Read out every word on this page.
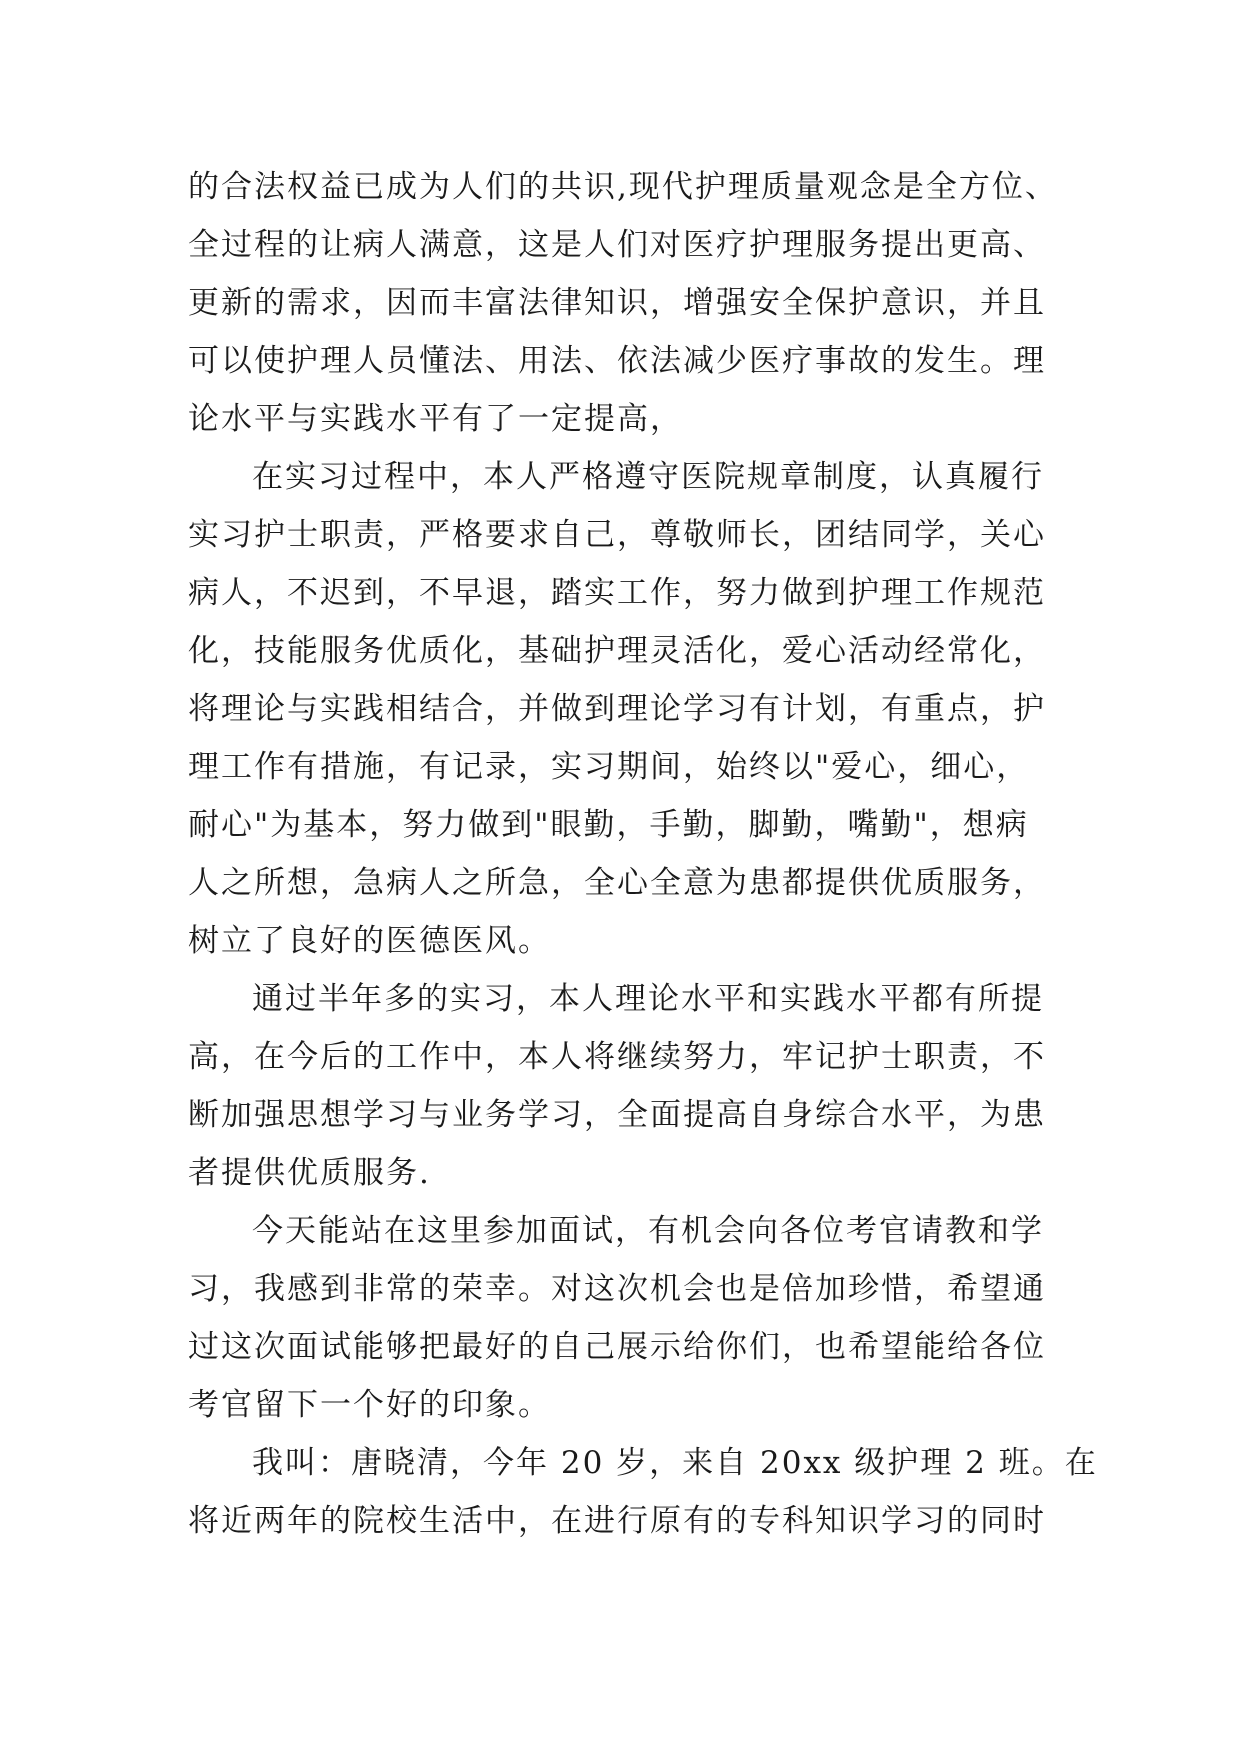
的合法权益已成为人们的共识,现代护理质量观念是全方位、
全过程的让病人满意，这是人们对医疗护理服务提出更高、
更新的需求，因而丰富法律知识，增强安全保护意识，并且
可以使护理人员懂法、用法、依法减少医疗事故的发生。理
论水平与实践水平有了一定提高，
在实习过程中，本人严格遵守医院规章制度，认真履行
实习护士职责，严格要求自己，尊敬师长，团结同学，关心
病人，不迟到，不早退，踏实工作，努力做到护理工作规范
化，技能服务优质化，基础护理灵活化，爱心活动经常化，
将理论与实践相结合，并做到理论学习有计划，有重点，护
理工作有措施，有记录，实习期间，始终以"爱心，细心，
耐心"为基本，努力做到"眼勤，手勤，脚勤，嘴勤"，想病
人之所想，急病人之所急，全心全意为患都提供优质服务，
树立了良好的医德医风。
通过半年多的实习，本人理论水平和实践水平都有所提
高，在今后的工作中，本人将继续努力，牢记护士职责，不
断加强思想学习与业务学习，全面提高自身综合水平，为患
者提供优质服务.
今天能站在这里参加面试，有机会向各位考官请教和学
习，我感到非常的荣幸。对这次机会也是倍加珍惜，希望通
过这次面试能够把最好的自己展示给你们，也希望能给各位
考官留下一个好的印象。
我叫：唐晓清，今年 20 岁，来自 20xx 级护理 2 班。在
将近两年的院校生活中，在进行原有的专科知识学习的同时
